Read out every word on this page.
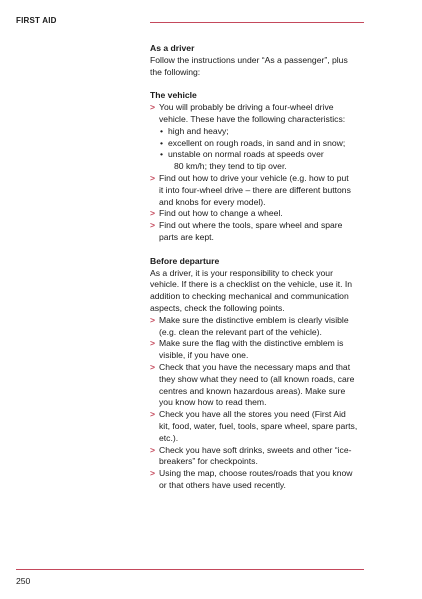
FIRST AID
As a driver
Follow the instructions under “As a passenger”, plus
the following:
The vehicle
> You will probably be driving a four-wheel drive
vehicle. These have the following characteristics:
• high and heavy;
• excellent on rough roads, in sand and in snow;
• unstable on normal roads at speeds over
80 km/h; they tend to tip over.
> Find out how to drive your vehicle (e.g. how to put
it into four-wheel drive – there are different buttons
and knobs for every model).
> Find out how to change a wheel.
> Find out where the tools, spare wheel and spare
parts are kept.
Before departure
As a driver, it is your responsibility to check your
vehicle. If there is a checklist on the vehicle, use it. In
addition to checking mechanical and communication
aspects, check the following points.
> Make sure the distinctive emblem is clearly visible
(e.g. clean the relevant part of the vehicle).
> Make sure the flag with the distinctive emblem is
visible, if you have one.
> Check that you have the necessary maps and that
they show what they need to (all known roads, care
centres and known hazardous areas). Make sure
you know how to read them.
> Check you have all the stores you need (First Aid
kit, food, water, fuel, tools, spare wheel, spare parts,
etc.).
> Check you have soft drinks, sweets and other “ice-
breakers” for checkpoints.
> Using the map, choose routes/roads that you know
or that others have used recently.
250
